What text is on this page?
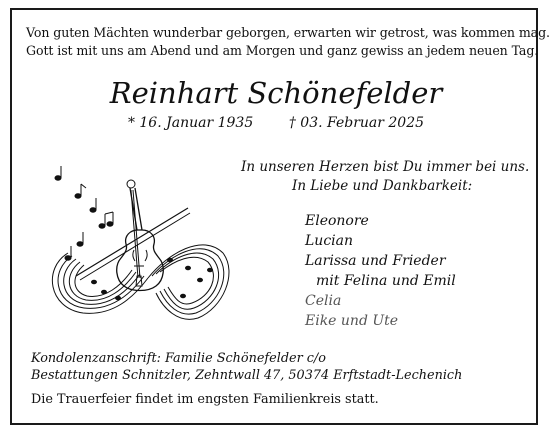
Von guten Mächten wunderbar geborgen, erwarten wir getrost, was kommen mag.
Gott ist mit uns am Abend und am Morgen und ganz gewiss an jedem neuen Tag.
Reinhart Schönefelder
* 16. Januar 1935	† 03. Februar 2025
In unseren Herzen bist Du immer bei uns.
In Liebe und Dankbarkeit:
Eleonore
Lucian
Larissa und Frieder
mit Felina und Emil
Celia
Eike und Ute
Kondolenzanschrift: Familie Schönefelder c/o
Bestattungen Schnitzler, Zehntwall 47, 50374 Erftstadt-Lechenich
Die Trauerfeier findet im engsten Familienkreis statt.
